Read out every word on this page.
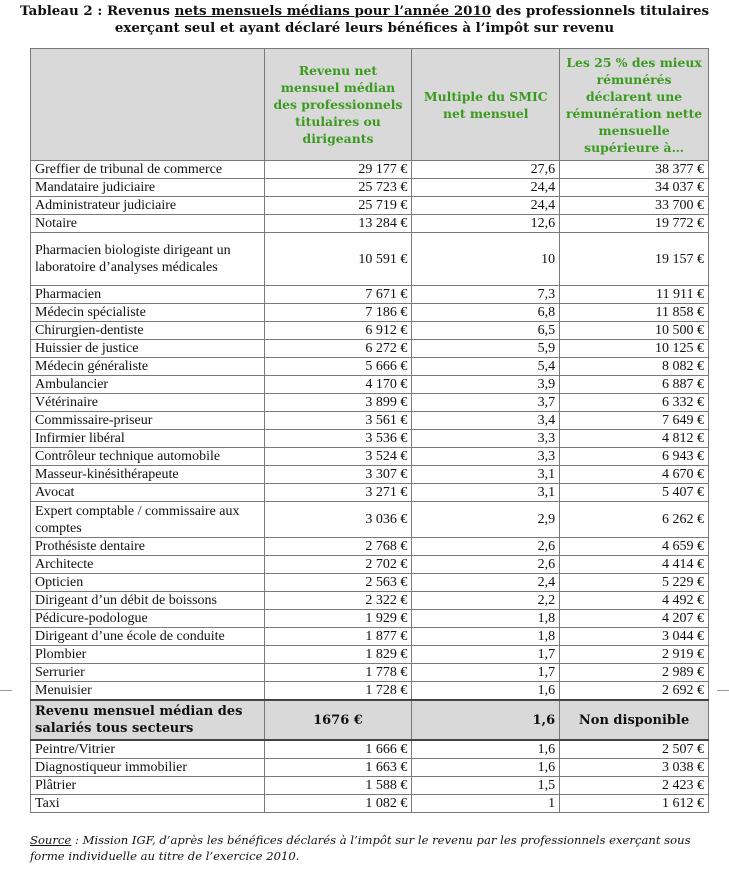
Tableau 2 : Revenus nets mensuels médians pour l’année 2010 des professionnels titulaires
exerçant seul et ayant déclaré leurs bénéfices à l’impôt sur revenu
	Revenu net mensuel médian des professionnels titulaires ou dirigeants	Multiple du SMIC net mensuel	Les 25 % des mieux rémunérés déclarent une rémunération nette mensuelle supérieure à…
Greffier de tribunal de commerce	29 177 €	27,6	38 377 €
Mandataire judiciaire	25 723 €	24,4	34 037 €
Administrateur judiciaire	25 719 €	24,4	33 700 €
Notaire	13 284 €	12,6	19 772 €
Pharmacien biologiste dirigeant un laboratoire d’analyses médicales	10 591 €	10	19 157 €
Pharmacien	7 671 €	7,3	11 911 €
Médecin spécialiste	7 186 €	6,8	11 858 €
Chirurgien-dentiste	6 912 €	6,5	10 500 €
Huissier de justice	6 272 €	5,9	10 125 €
Médecin généraliste	5 666 €	5,4	8 082 €
Ambulancier	4 170 €	3,9	6 887 €
Vétérinaire	3 899 €	3,7	6 332 €
Commissaire-priseur	3 561 €	3,4	7 649 €
Infirmier libéral	3 536 €	3,3	4 812 €
Contrôleur technique automobile	3 524 €	3,3	6 943 €
Masseur-kinésithérapeute	3 307 €	3,1	4 670 €
Avocat	3 271 €	3,1	5 407 €
Expert comptable / commissaire aux comptes	3 036 €	2,9	6 262 €
Prothésiste dentaire	2 768 €	2,6	4 659 €
Architecte	2 702 €	2,6	4 414 €
Opticien	2 563 €	2,4	5 229 €
Dirigeant d’un débit de boissons	2 322 €	2,2	4 492 €
Pédicure-podologue	1 929 €	1,8	4 207 €
Dirigeant d’une école de conduite	1 877 €	1,8	3 044 €
Plombier	1 829 €	1,7	2 919 €
Serrurier	1 778 €	1,7	2 989 €
Menuisier	1 728 €	1,6	2 692 €
Revenu mensuel médian des salariés tous secteurs	1676 €	1,6	Non disponible
Peintre/Vitrier	1 666 €	1,6	2 507 €
Diagnostiqueur immobilier	1 663 €	1,6	3 038 €
Plâtrier	1 588 €	1,5	2 423 €
Taxi	1 082 €	1	1 612 €
Source : Mission IGF, d’après les bénéfices déclarés à l’impôt sur le revenu par les professionnels exerçant sous forme individuelle au titre de l’exercice 2010.
